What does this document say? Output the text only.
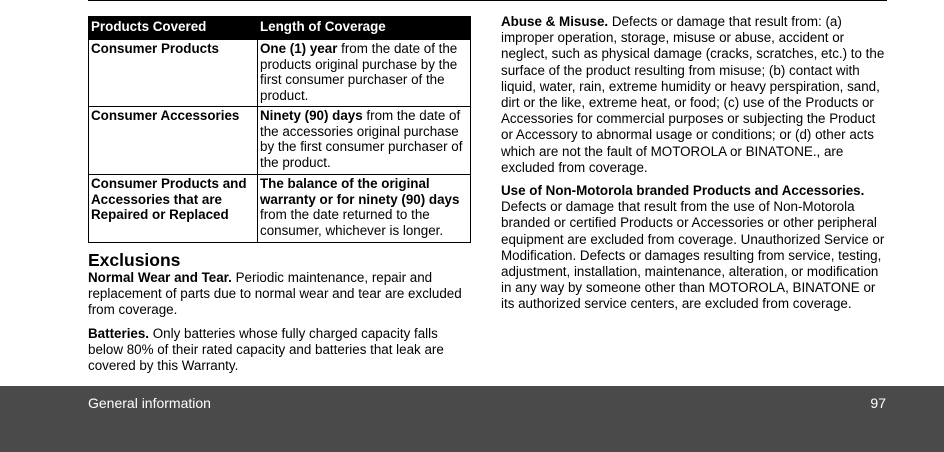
Products Covered	Length of Coverage
Consumer Products	One (1) year from the date of the products original purchase by the first consumer purchaser of the product.
Consumer Accessories	Ninety (90) days from the date of the accessories original purchase by the first consumer purchaser of the product.
Consumer Products and Accessories that are Repaired or Replaced	The balance of the original warranty or for ninety (90) days from the date returned to the consumer, whichever is longer.
Exclusions

Normal Wear and Tear. Periodic maintenance, repair and replacement of parts due to normal wear and tear are excluded from coverage.

Batteries. Only batteries whose fully charged capacity falls below 80% of their rated capacity and batteries that leak are covered by this Warranty.

Abuse & Misuse. Defects or damage that result from: (a) improper operation, storage, misuse or abuse, accident or neglect, such as physical damage (cracks, scratches, etc.) to the surface of the product resulting from misuse; (b) contact with liquid, water, rain, extreme humidity or heavy perspiration, sand, dirt or the like, extreme heat, or food; (c) use of the Products or Accessories for commercial purposes or subjecting the Product or Accessory to abnormal usage or conditions; or (d) other acts which are not the fault of MOTOROLA or BINATONE., are excluded from coverage.

Use of Non-Motorola branded Products and Accessories. Defects or damage that result from the use of Non-Motorola branded or certified Products or Accessories or other peripheral equipment are excluded from coverage. Unauthorized Service or Modification. Defects or damages resulting from service, testing, adjustment, installation, maintenance, alteration, or modification in any way by someone other than MOTOROLA, BINATONE or its authorized service centers, are excluded from coverage.

General information	97
